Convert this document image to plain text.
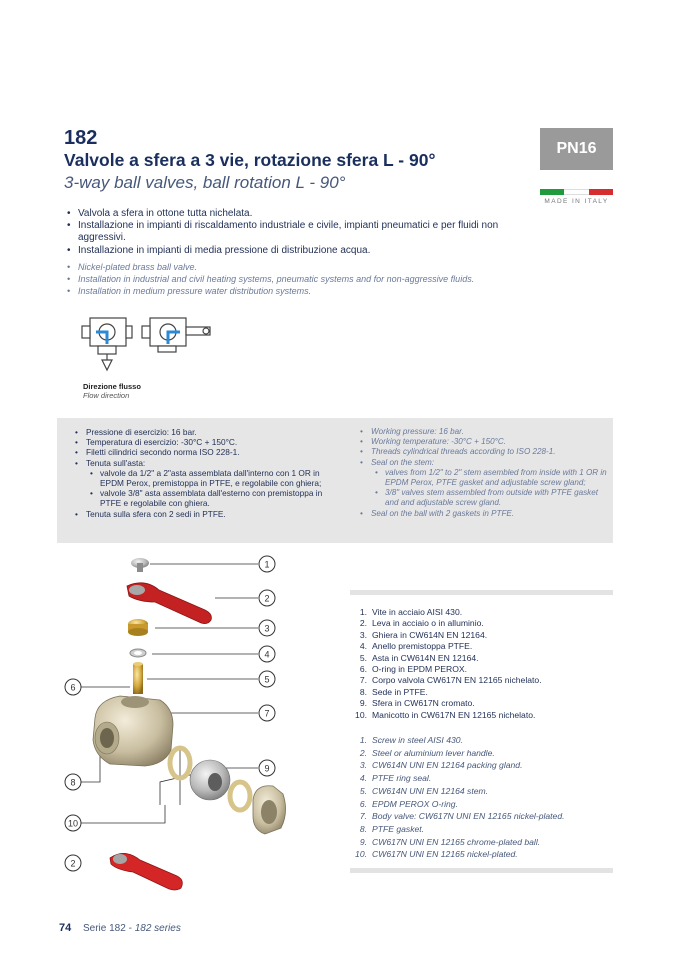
182
Valvole a sfera a 3 vie, rotazione sfera L - 90°
3-way ball valves, ball rotation L - 90°
PN16
MADE IN ITALY
• Valvola a sfera in ottone tutta nichelata.
• Installazione in impianti di riscaldamento industriale e civile, impianti pneumatici e per fluidi non aggressivi.
• Installazione in impianti di media pressione di distribuzione acqua.
• Nickel-plated brass ball valve.
• Installation in industrial and civil heating systems, pneumatic systems and for non-aggressive fluids.
• Installation in medium pressure water distribution systems.
Direzione flusso
Flow direction
• Pressione di esercizio: 16 bar.
• Temperatura di esercizio: -30°C + 150°C.
• Filetti cilindrici secondo norma ISO 228-1.
• Tenuta sull'asta:
• valvole da 1/2" a 2"asta assemblata dall'interno con 1 OR in EPDM Perox, premistoppa in PTFE, e regolabile con ghiera;
• valvole 3/8" asta assemblata dall'esterno con premistoppa in PTFE e regolabile con ghiera.
• Tenuta sulla sfera con 2 sedi in PTFE.
• Working pressure: 16 bar.
• Working temperature: -30°C + 150°C.
• Threads cylindrical threads according to ISO 228-1.
• Seal on the stem:
• valves from 1/2" to 2" stem asembled from inside with 1 OR in EPDM Perox, PTFE gasket and adjustable screw gland;
• 3/8" valves stem assembled from outside with PTFE gasket and and adjustable screw gland.
• Seal on the ball with 2 gaskets in PTFE.
1
2
3
4
5
6
7
8
9
10
2
1. Vite in acciaio AISI 430.
2. Leva in acciaio o in alluminio.
3. Ghiera in CW614N EN 12164.
4. Anello premistoppa PTFE.
5. Asta in CW614N EN 12164.
6. O-ring in EPDM PEROX.
7. Corpo valvola CW617N EN 12165 nichelato.
8. Sede in PTFE.
9. Sfera in CW617N cromato.
10. Manicotto in CW617N EN 12165 nichelato.
1. Screw in steel AISI 430.
2. Steel or aluminium lever handle.
3. CW614N UNI EN 12164 packing gland.
4. PTFE ring seal.
5. CW614N UNI EN 12164 stem.
6. EPDM PEROX O-ring.
7. Body valve: CW617N UNI EN 12165 nickel-plated.
8. PTFE gasket.
9. CW617N UNI EN 12165 chrome-plated ball.
10. CW617N UNI EN 12165 nickel-plated.
74 Serie 182 - 182 series
